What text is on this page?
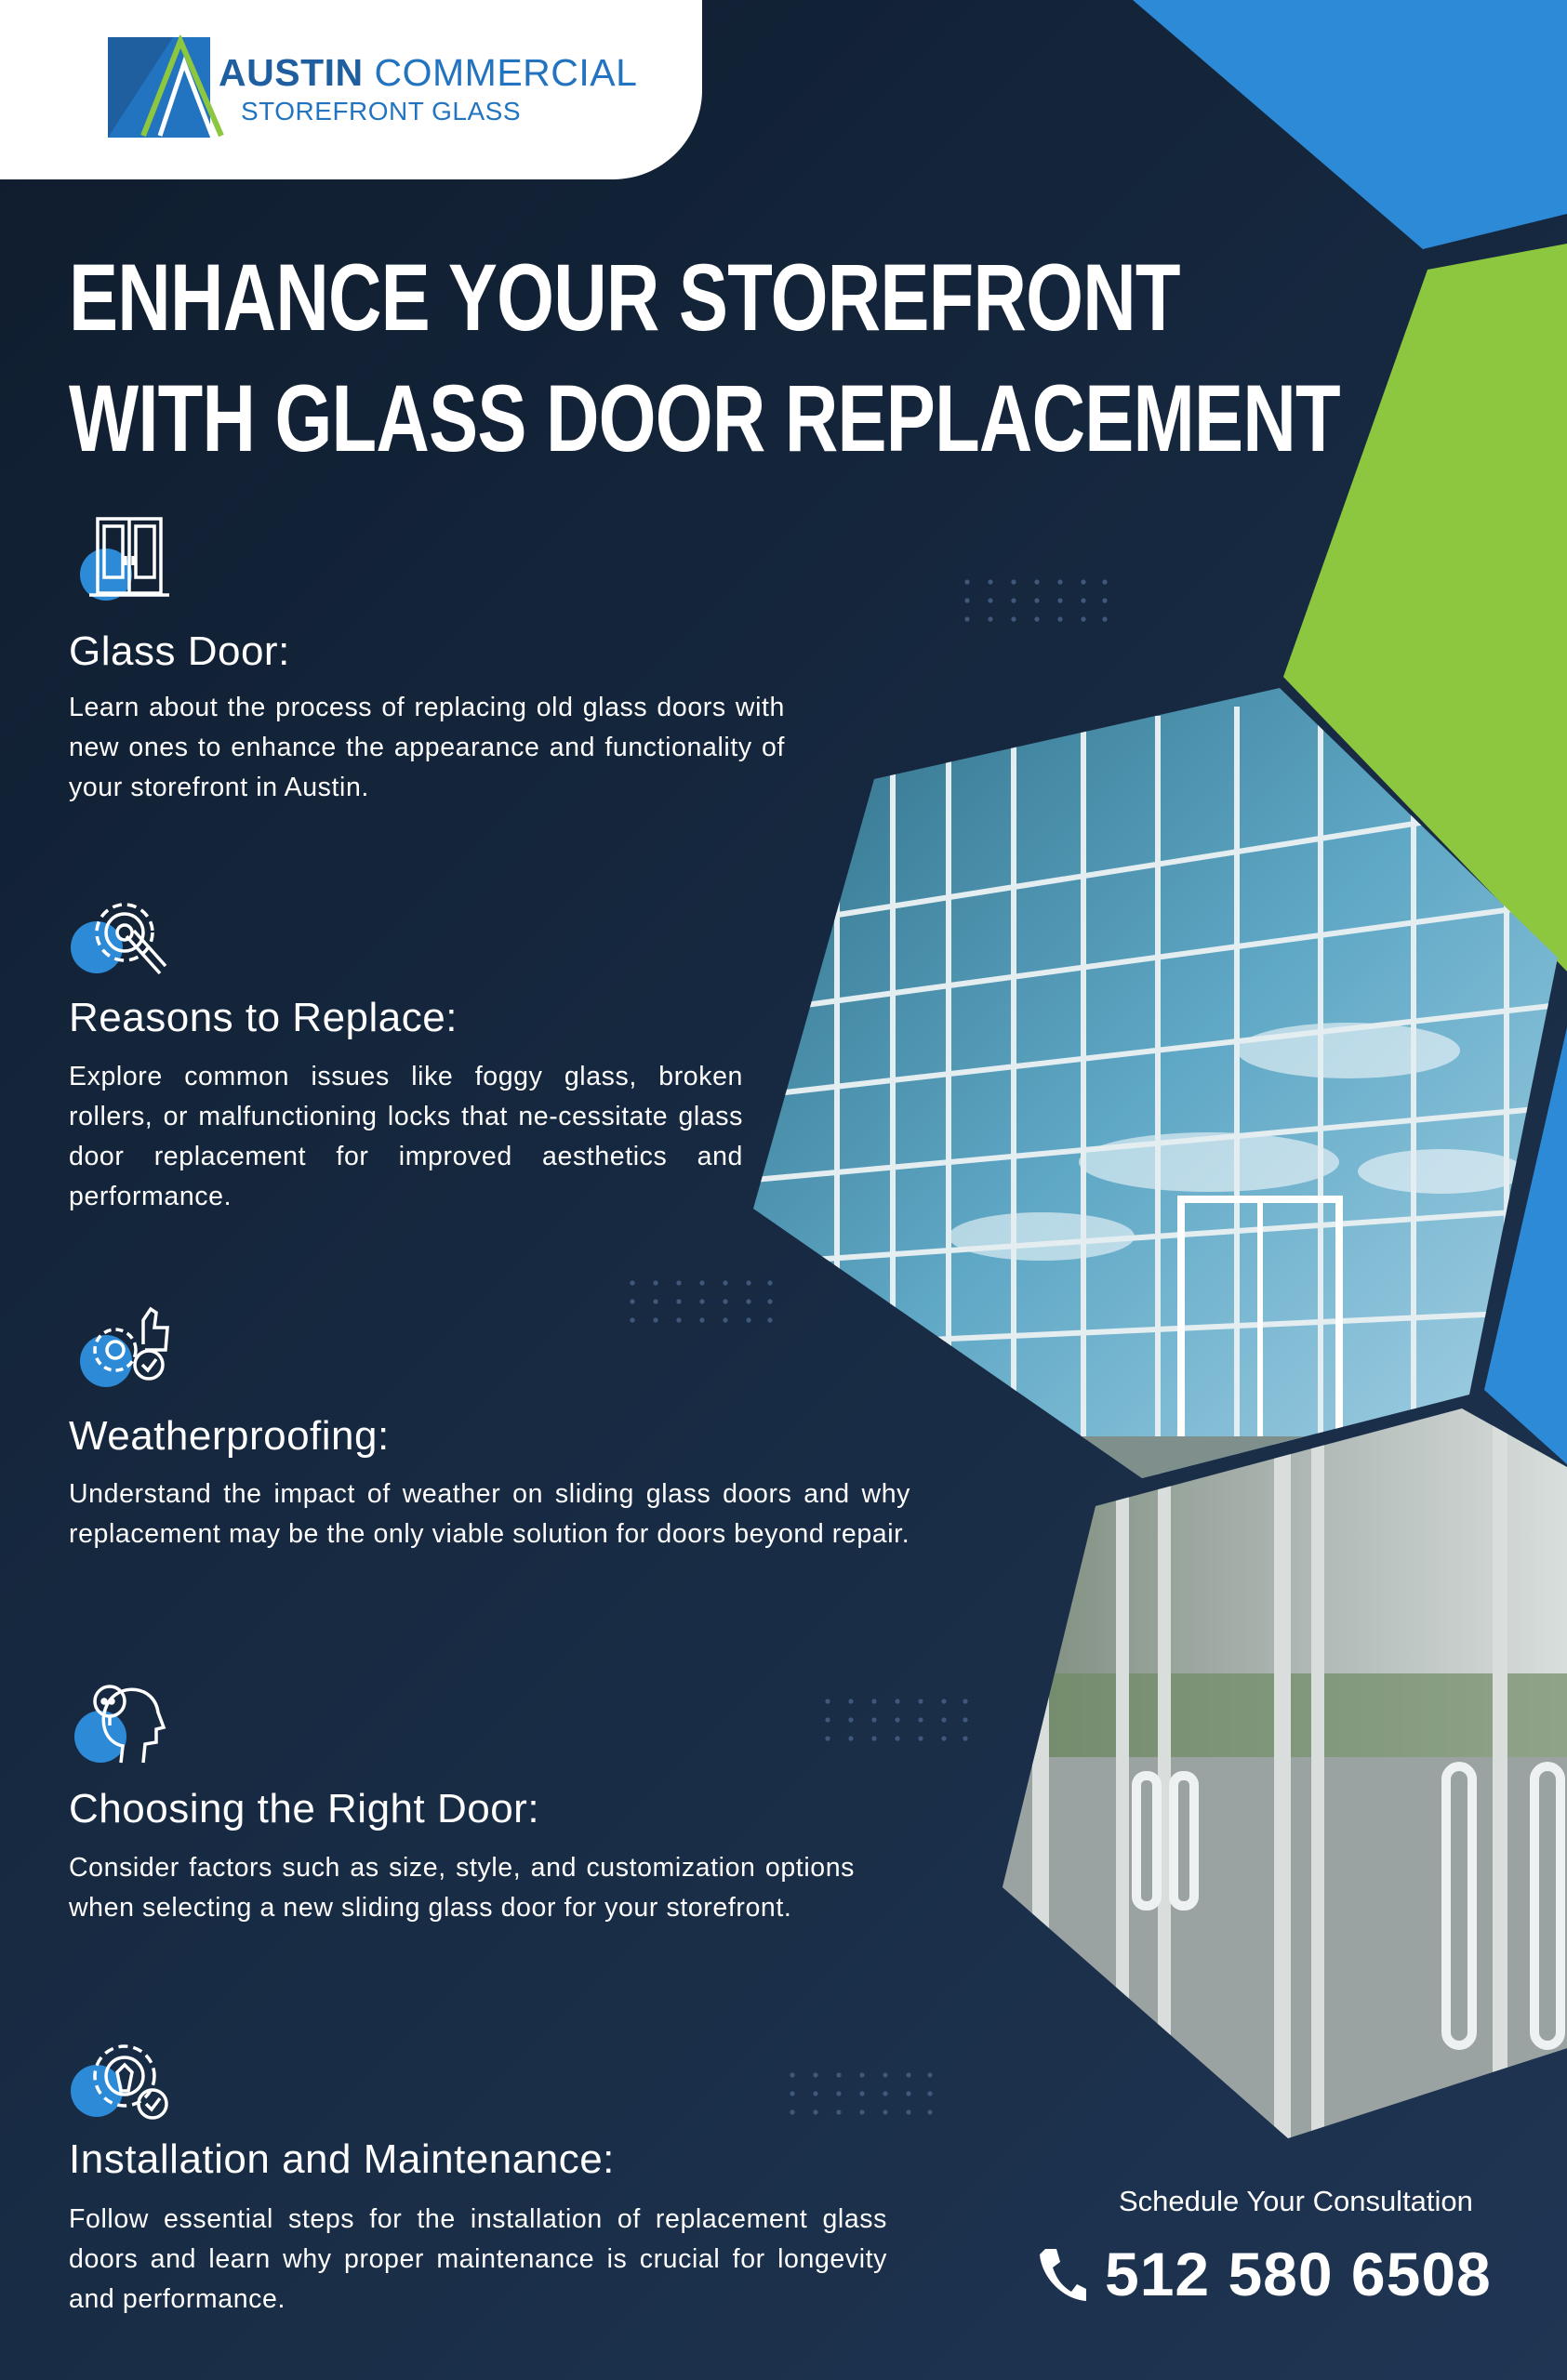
AUSTIN COMMERCIAL
STOREFRONT GLASS
ENHANCE YOUR STOREFRONT
WITH GLASS DOOR REPLACEMENT
Glass Door:
Learn about the process of replacing old glass doors with new ones to enhance the appearance and functionality of your storefront in Austin.
Reasons to Replace:
Explore common issues like foggy glass, broken rollers, or malfunctioning locks that ne-cessitate glass door replacement for improved aesthetics and performance.
Weatherproofing:
Understand the impact of weather on sliding glass doors and why replacement may be the only viable solution for doors beyond repair.
Choosing the Right Door:
Consider factors such as size, style, and customization options when selecting a new sliding glass door for your storefront.
Installation and Maintenance:
Follow essential steps for the installation of replacement glass doors and learn why proper maintenance is crucial for longevity and performance.
Schedule Your Consultation
512 580 6508
